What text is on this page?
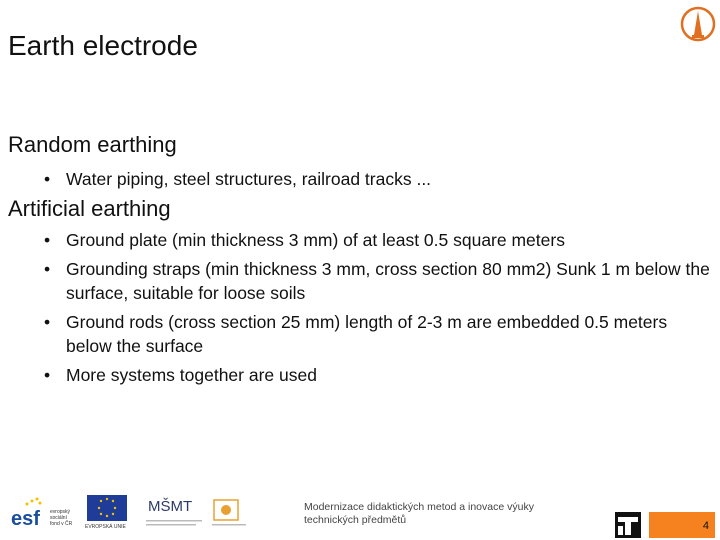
Earth electrode
Random earthing
• Water piping, steel structures, railroad tracks ...
Artificial earthing
• Ground plate (min thickness 3 mm) of at least 0.5 square meters
• Grounding straps (min thickness 3 mm, cross section 80 mm2) Sunk 1 m below the surface, suitable for loose soils
• Ground rods (cross section 25 mm) length of 2-3 m are embedded 0.5 meters below the surface
• More systems together are used
esf evropský
sociální
fond v ČR	EVROPSKÁ UNIE
MŠMT	Modernizace didaktických metod a inovace výuky
technických předmětů	4
